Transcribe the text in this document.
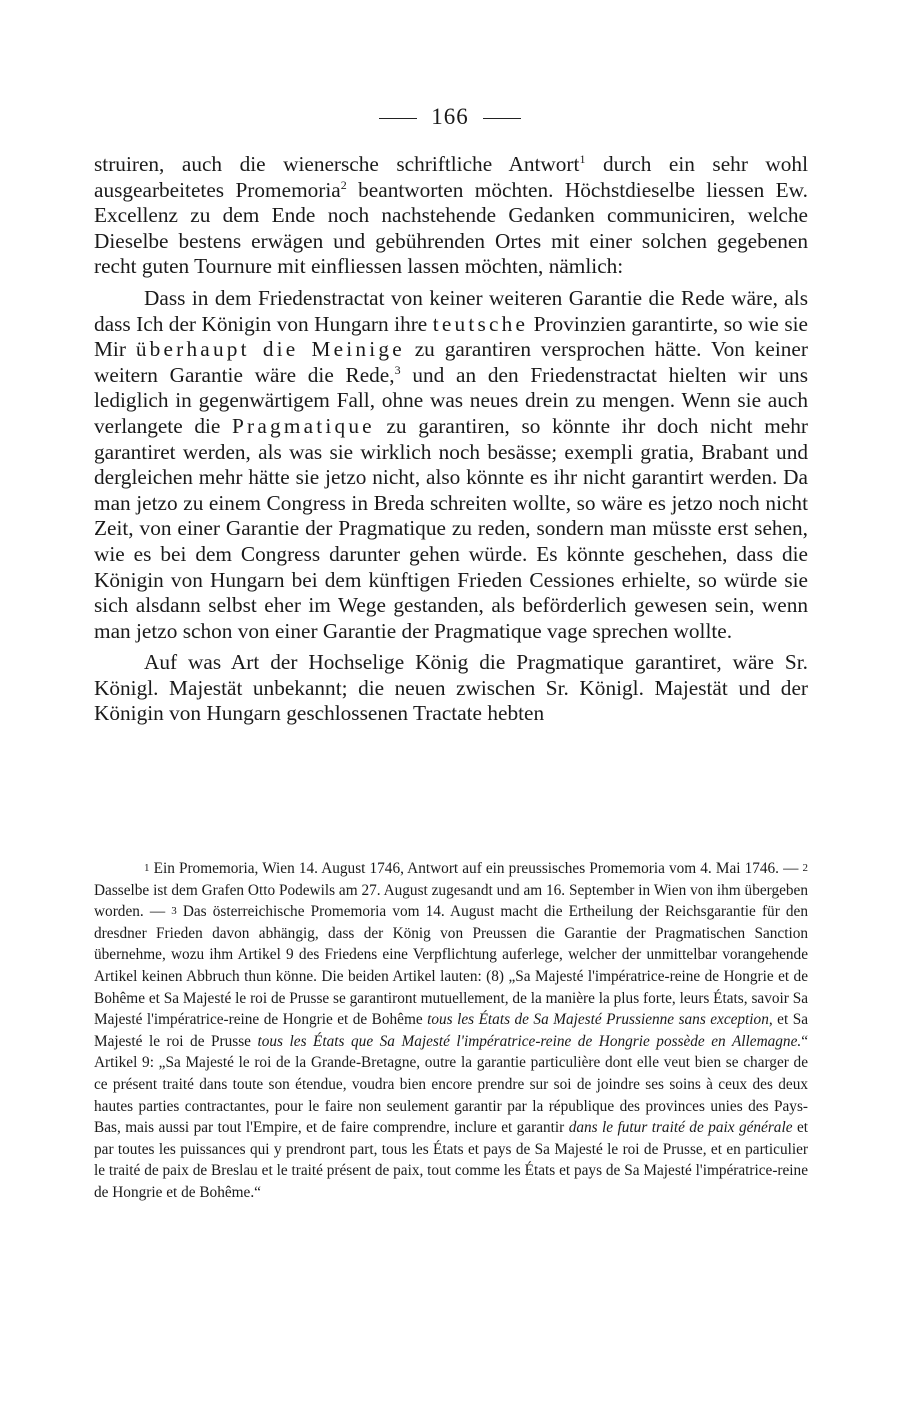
166

struiren, auch die wienersche schriftliche Antwort$^1$ durch ein sehr wohl ausgearbeitetes Promemoria$^2$ beantworten möchten. Höchstdieselbe liessen Ew. Excellenz zu dem Ende noch nachstehende Gedanken communiciren, welche Dieselbe bestens erwägen und gebührenden Ortes mit einer solchen gegebenen recht guten Tournure mit einfliessen lassen möchten, nämlich:

Dass in dem Friedenstractat von keiner weiteren Garantie die Rede wäre, als dass Ich der Königin von Hungarn ihre teutsche Provinzien garantirte, so wie sie Mir überhaupt die Meinige zu garantiren versprochen hätte. Von keiner weitern Garantie wäre die Rede,$^3$ und an den Friedenstractat hielten wir uns lediglich in gegenwärtigem Fall, ohne was neues drein zu mengen. Wenn sie auch verlangete die Pragmatique zu garantiren, so könnte ihr doch nicht mehr garantiret werden, als was sie wirklich noch besässe; exempli gratia, Brabant und dergleichen mehr hätte sie jetzo nicht, also könnte es ihr nicht garantirt werden. Da man jetzo zu einem Congress in Breda schreiten wollte, so wäre es jetzo noch nicht Zeit, von einer Garantie der Pragmatique zu reden, sondern man müsste erst sehen, wie es bei dem Congress darunter gehen würde. Es könnte geschehen, dass die Königin von Hungarn bei dem künftigen Frieden Cessiones erhielte, so würde sie sich alsdann selbst eher im Wege gestanden, als beförderlich gewesen sein, wenn man jetzo schon von einer Garantie der Pragmatique vage sprechen wollte.

Auf was Art der Hochselige König die Pragmatique garantiret, wäre Sr. Königl. Majestät unbekannt; die neuen zwischen Sr. Königl. Majestät und der Königin von Hungarn geschlossenen Tractate hebten

1 Ein Promemoria, Wien 14. August 1746, Antwort auf ein preussisches Promemoria vom 4. Mai 1746. — 2 Dasselbe ist dem Grafen Otto Podewils am 27. August zugesandt und am 16. September in Wien von ihm übergeben worden. — 3 Das österreichische Promemoria vom 14. August macht die Ertheilung der Reichsgarantie für den dresdner Frieden davon abhängig, dass der König von Preussen die Garantie der Pragmatischen Sanction übernehme, wozu ihm Artikel 9 des Friedens eine Verpflichtung auferlege, welcher der unmittelbar vorangehende Artikel keinen Abbruch thun könne. Die beiden Artikel lauten: (8) „Sa Majesté l'impératrice-reine de Hongrie et de Bohême et Sa Majesté le roi de Prusse se garantiront mutuellement, de la manière la plus forte, leurs États, savoir Sa Majesté l'impératrice-reine de Hongrie et de Bohême tous les États de Sa Majesté Prussienne sans exception, et Sa Majesté le roi de Prusse tous les États que Sa Majesté l'impératrice-reine de Hongrie possède en Allemagne.“ Artikel 9: „Sa Majesté le roi de la Grande-Bretagne, outre la garantie particulière dont elle veut bien se charger de ce présent traité dans toute son étendue, voudra bien encore prendre sur soi de joindre ses soins à ceux des deux hautes parties contractantes, pour le faire non seulement garantir par la république des provinces unies des Pays-Bas, mais aussi par tout l'Empire, et de faire comprendre, inclure et garantir dans le futur traité de paix générale et par toutes les puissances qui y prendront part, tous les États et pays de Sa Majesté le roi de Prusse, et en particulier le traité de paix de Breslau et le traité présent de paix, tout comme les États et pays de Sa Majesté l'impératrice-reine de Hongrie et de Bohême.“
